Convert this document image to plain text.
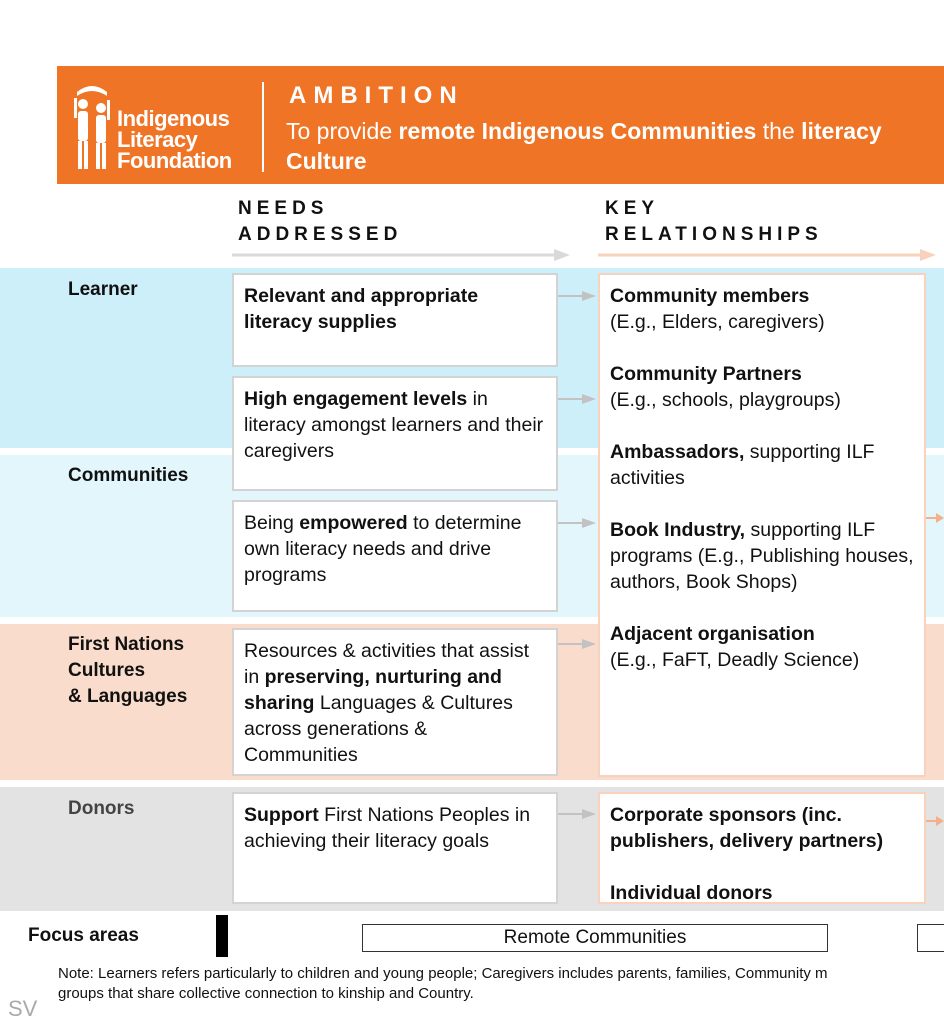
Indigenous
Literacy
Foundation
AMBITION
To provide remote Indigenous Communities the literacy
Culture
NEEDS
ADDRESSED
KEY
RELATIONSHIPS
Learner
Communities
First Nations
Cultures
& Languages
Donors
Relevant and appropriate literacy supplies
High engagement levels in literacy amongst learners and their caregivers
Being empowered to determine own literacy needs and drive programs
Resources & activities that assist in preserving, nurturing and sharing Languages & Cultures across generations & Communities
Support First Nations Peoples in achieving their literacy goals
Community members
(E.g., Elders, caregivers)
Community Partners
(E.g., schools, playgroups)
Ambassadors, supporting ILF activities
Book Industry, supporting ILF programs (E.g., Publishing houses, authors, Book Shops)
Adjacent organisation
(E.g., FaFT, Deadly Science)
Corporate sponsors (inc. publishers, delivery partners)
Individual donors
Focus areas	Remote Communities
Note: Learners refers particularly to children and young people; Caregivers includes parents, families, Community m
groups that share collective connection to kinship and Country.
SV
